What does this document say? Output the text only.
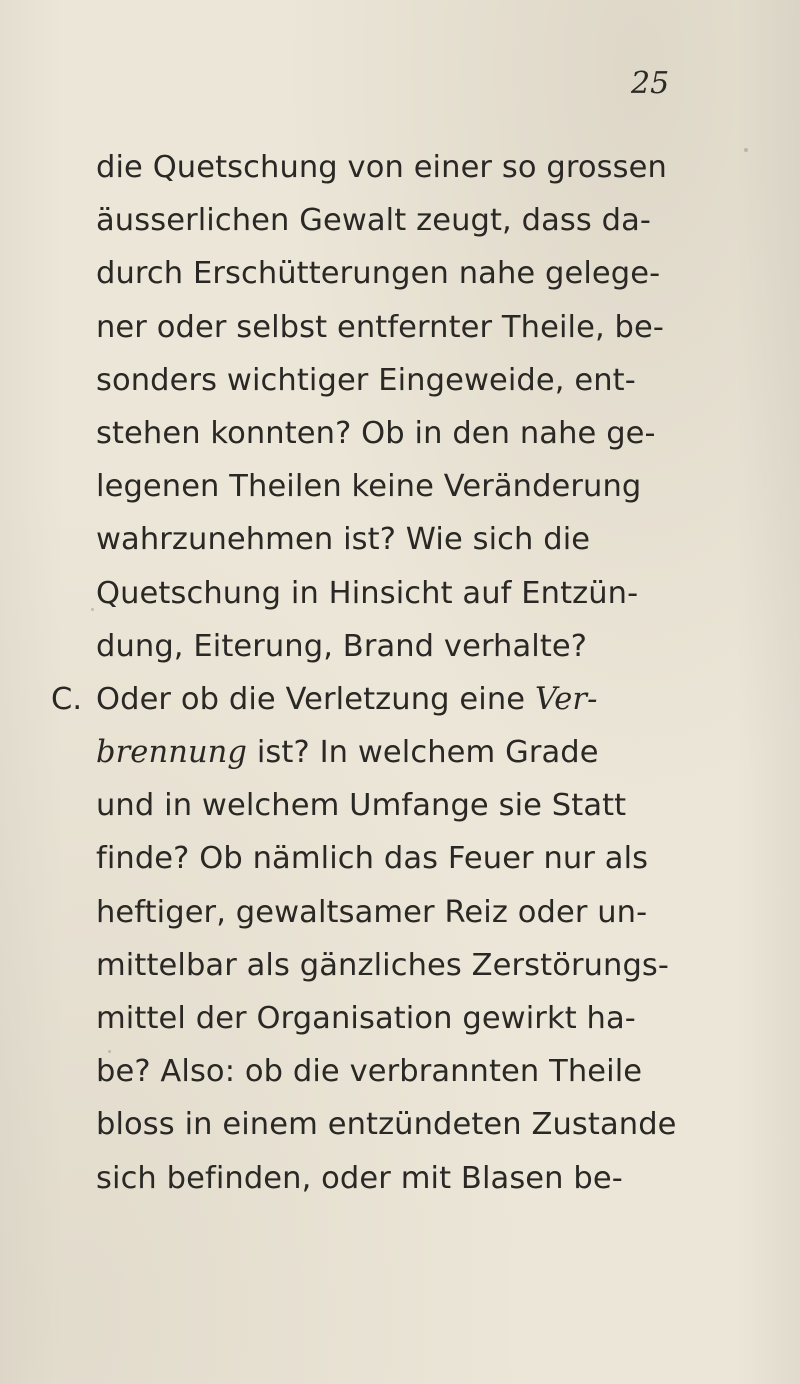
25
die Quetschung von einer so grossen
äusserlichen Gewalt zeugt, dass da-
durch Erschütterungen nahe gelege-
ner oder selbst entfernter Theile, be-
sonders wichtiger Eingeweide, ent-
stehen konnten? Ob in den nahe ge-
legenen Theilen keine Veränderung
wahrzunehmen ist? Wie sich die
Quetschung in Hinsicht auf Entzün-
dung, Eiterung, Brand verhalte?
C. Oder ob die Verletzung eine Ver-
brennung ist? In welchem Grade
und in welchem Umfange sie Statt
finde? Ob nämlich das Feuer nur als
heftiger, gewaltsamer Reiz oder un-
mittelbar als gänzliches Zerstörungs-
mittel der Organisation gewirkt ha-
be? Also: ob die verbrannten Theile
bloss in einem entzündeten Zustande
sich befinden, oder mit Blasen be-
